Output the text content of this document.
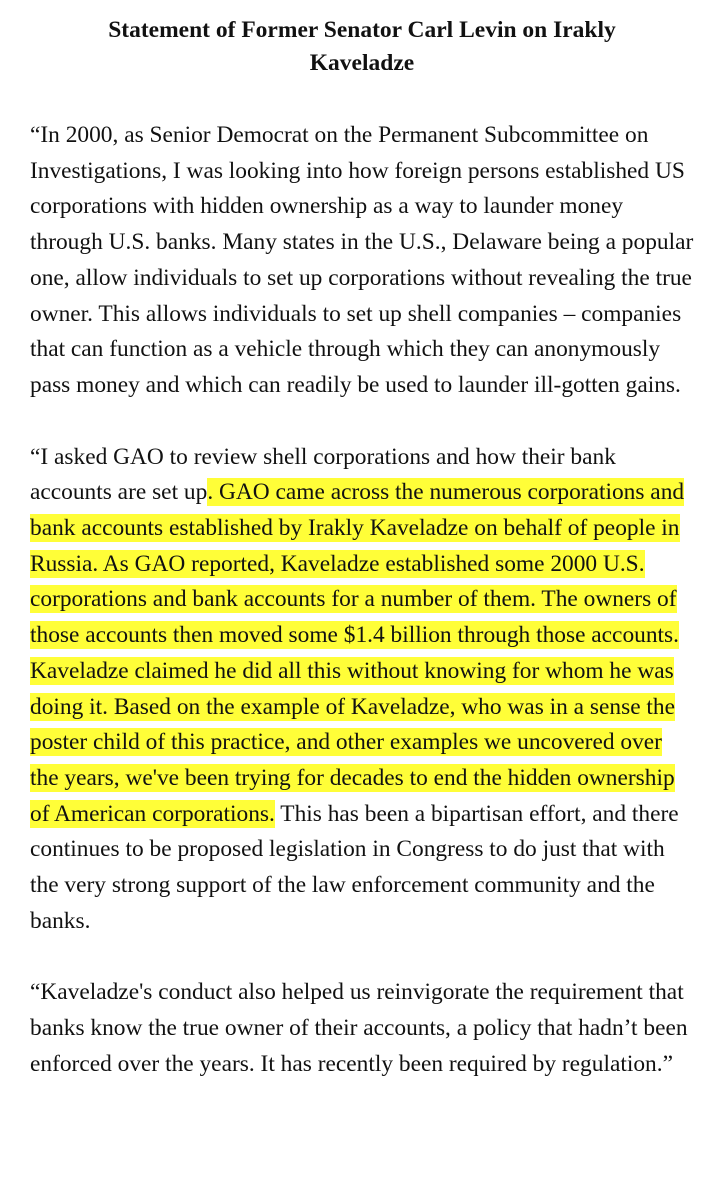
Statement of Former Senator Carl Levin on Irakly Kaveladze

“In 2000, as Senior Democrat on the Permanent Subcommittee on Investigations, I was looking into how foreign persons established US corporations with hidden ownership as a way to launder money through U.S. banks. Many states in the U.S., Delaware being a popular one, allow individuals to set up corporations without revealing the true owner. This allows individuals to set up shell companies – companies that can function as a vehicle through which they can anonymously pass money and which can readily be used to launder ill-gotten gains.

“I asked GAO to review shell corporations and how their bank accounts are set up. GAO came across the numerous corporations and bank accounts established by Irakly Kaveladze on behalf of people in Russia. As GAO reported, Kaveladze established some 2000 U.S. corporations and bank accounts for a number of them. The owners of those accounts then moved some $1.4 billion through those accounts. Kaveladze claimed he did all this without knowing for whom he was doing it. Based on the example of Kaveladze, who was in a sense the poster child of this practice, and other examples we uncovered over the years, we've been trying for decades to end the hidden ownership of American corporations. This has been a bipartisan effort, and there continues to be proposed legislation in Congress to do just that with the very strong support of the law enforcement community and the banks.

“Kaveladze's conduct also helped us reinvigorate the requirement that banks know the true owner of their accounts, a policy that hadn’t been enforced over the years. It has recently been required by regulation.”
